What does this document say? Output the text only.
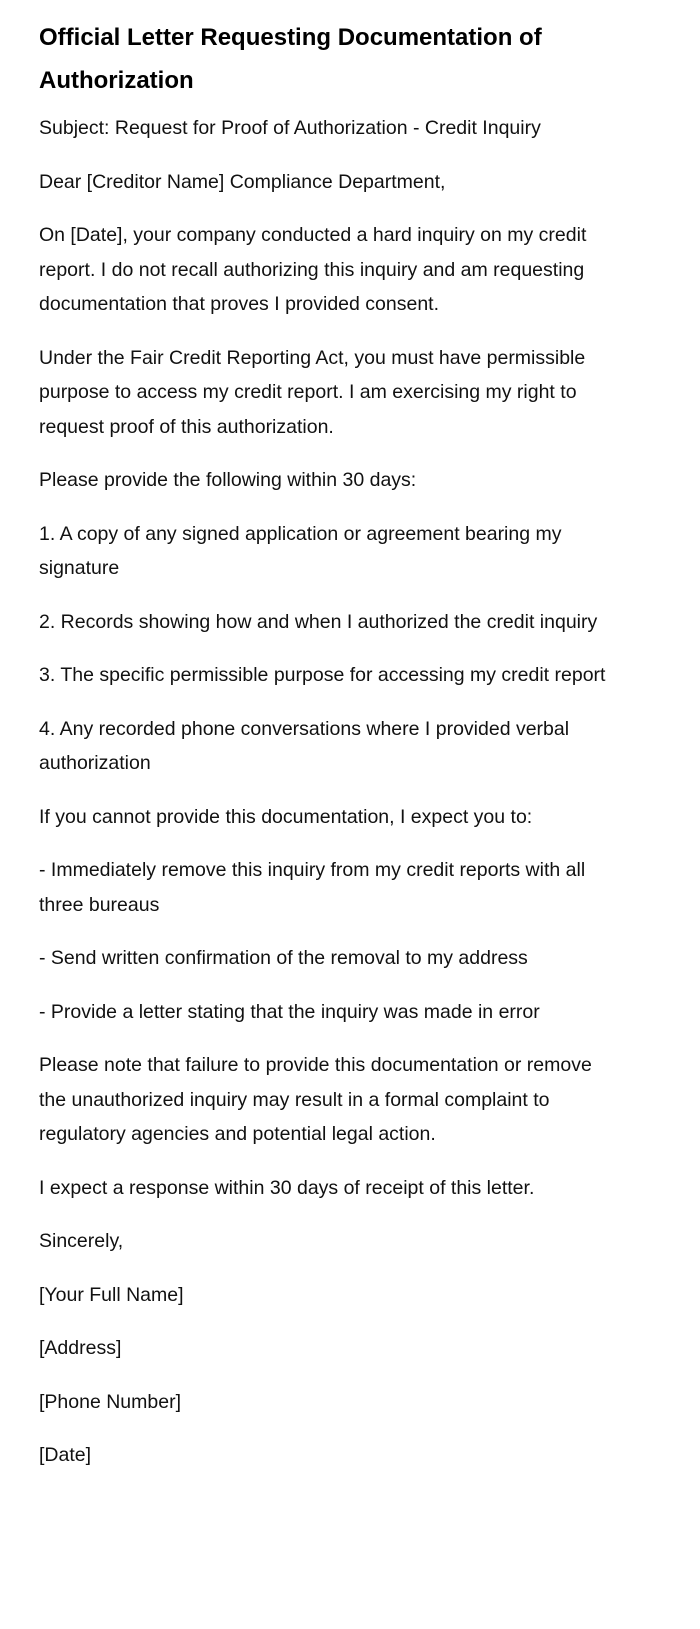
Official Letter Requesting Documentation of Authorization

Subject: Request for Proof of Authorization - Credit Inquiry

Dear [Creditor Name] Compliance Department,

On [Date], your company conducted a hard inquiry on my credit report. I do not recall authorizing this inquiry and am requesting documentation that proves I provided consent.

Under the Fair Credit Reporting Act, you must have permissible purpose to access my credit report. I am exercising my right to request proof of this authorization.

Please provide the following within 30 days:

1. A copy of any signed application or agreement bearing my signature

2. Records showing how and when I authorized the credit inquiry

3. The specific permissible purpose for accessing my credit report

4. Any recorded phone conversations where I provided verbal authorization

If you cannot provide this documentation, I expect you to:

- Immediately remove this inquiry from my credit reports with all three bureaus

- Send written confirmation of the removal to my address

- Provide a letter stating that the inquiry was made in error

Please note that failure to provide this documentation or remove the unauthorized inquiry may result in a formal complaint to regulatory agencies and potential legal action.

I expect a response within 30 days of receipt of this letter.

Sincerely,

[Your Full Name]

[Address]

[Phone Number]

[Date]
